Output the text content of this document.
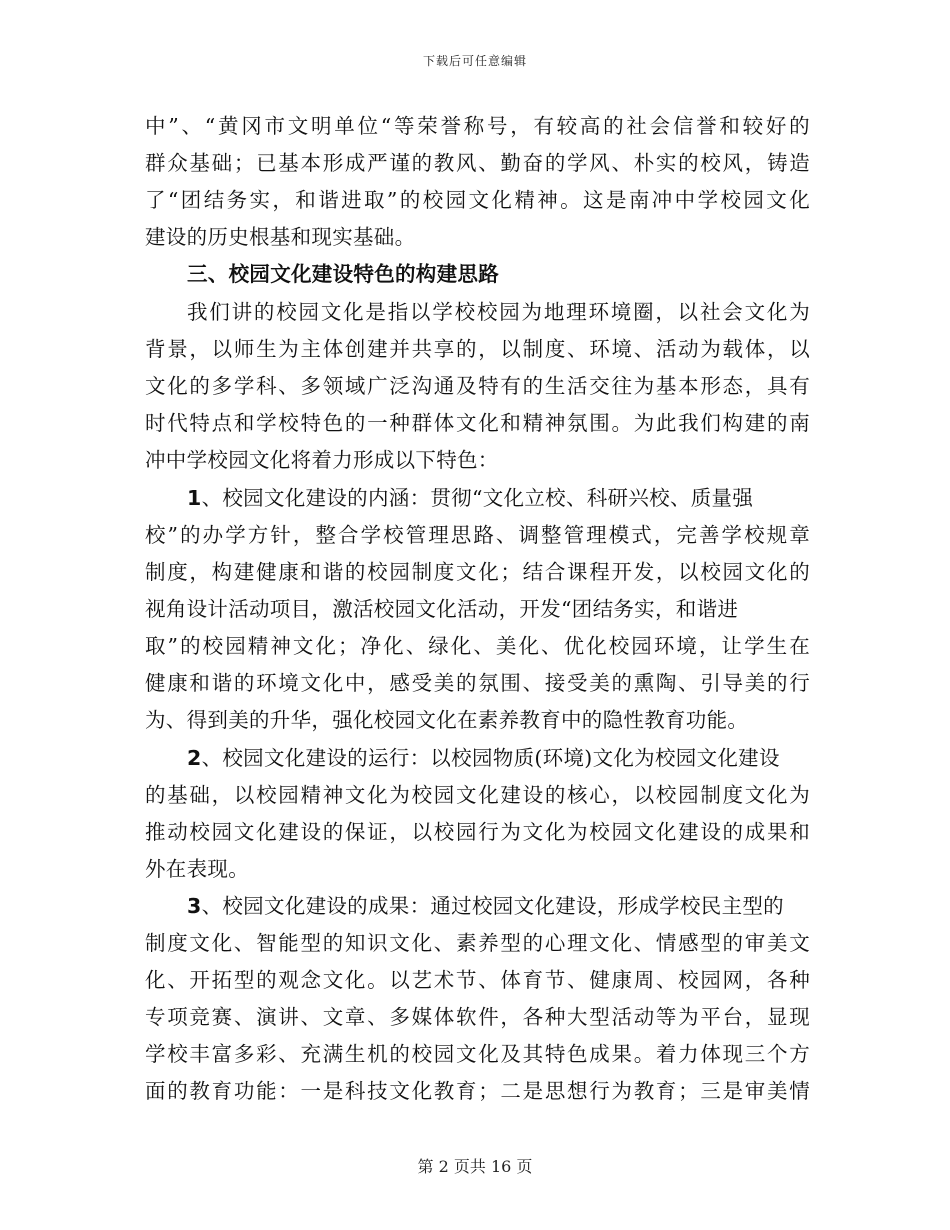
下载后可任意编辑
中”、“黄冈市文明单位“等荣誉称号，有较高的社会信誉和较好的
群众基础；已基本形成严谨的教风、勤奋的学风、朴实的校风，铸造
了“团结务实，和谐进取”的校园文化精神。这是南冲中学校园文化
建设的历史根基和现实基础。
三、校园文化建设特色的构建思路
我们讲的校园文化是指以学校校园为地理环境圈，以社会文化为
背景，以师生为主体创建并共享的，以制度、环境、活动为载体，以
文化的多学科、多领域广泛沟通及特有的生活交往为基本形态，具有
时代特点和学校特色的一种群体文化和精神氛围。为此我们构建的南
冲中学校园文化将着力形成以下特色：
1、校园文化建设的内涵：贯彻“文化立校、科研兴校、质量强
校”的办学方针，整合学校管理思路、调整管理模式，完善学校规章
制度，构建健康和谐的校园制度文化；结合课程开发，以校园文化的
视角设计活动项目，激活校园文化活动，开发“团结务实，和谐进
取”的校园精神文化；净化、绿化、美化、优化校园环境，让学生在
健康和谐的环境文化中，感受美的氛围、接受美的熏陶、引导美的行
为、得到美的升华，强化校园文化在素养教育中的隐性教育功能。
2、校园文化建设的运行：以校园物质(环境)文化为校园文化建设
的基础，以校园精神文化为校园文化建设的核心，以校园制度文化为
推动校园文化建设的保证，以校园行为文化为校园文化建设的成果和
外在表现。
3、校园文化建设的成果：通过校园文化建设，形成学校民主型的
制度文化、智能型的知识文化、素养型的心理文化、情感型的审美文
化、开拓型的观念文化。以艺术节、体育节、健康周、校园网，各种
专项竞赛、演讲、文章、多媒体软件，各种大型活动等为平台，显现
学校丰富多彩、充满生机的校园文化及其特色成果。着力体现三个方
面的教育功能：一是科技文化教育；二是思想行为教育；三是审美情
第 2 页共 16 页
